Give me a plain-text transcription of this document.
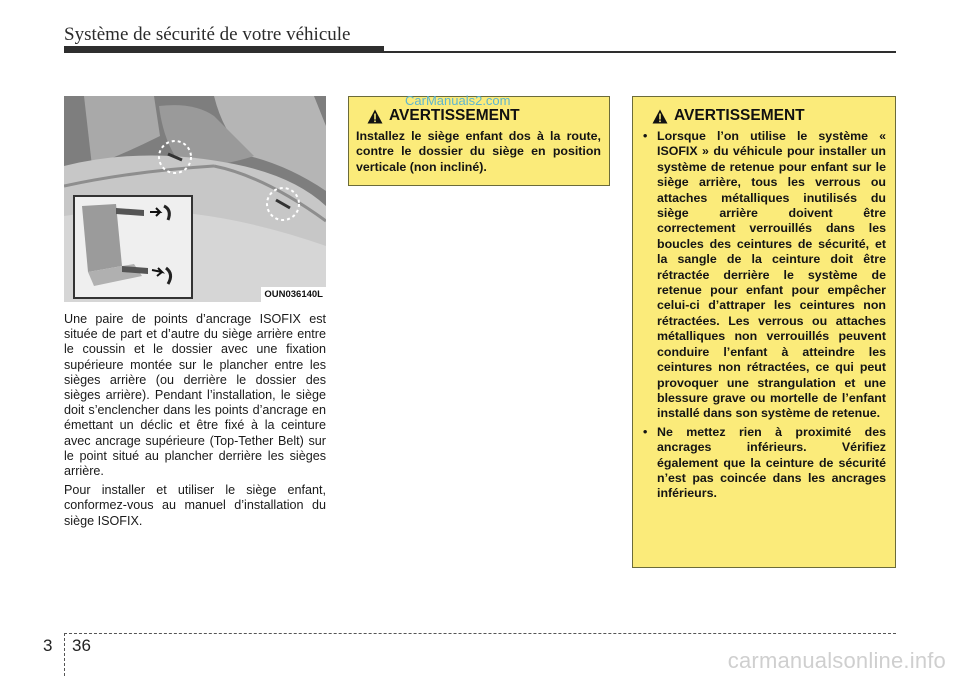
Système de sécurité de votre véhicule
OUN036140L

Une paire de points d’ancrage ISOFIX est située de part et d’autre du siège arrière entre le coussin et le dossier avec une fixation supérieure montée sur le plancher entre les sièges arrière (ou derrière le dossier des sièges arrière). Pendant l’installation, le siège doit s’enclencher dans les points d’ancrage en émettant un déclic et être fixé à la ceinture avec ancrage supérieure (Top-Tether Belt) sur le point situé au plancher derrière les sièges arrière.

Pour installer et utiliser le siège enfant, conformez-vous au manuel d’installation du siège ISOFIX.

AVERTISSEMENT
Installez le siège enfant dos à la route, contre le dossier du siège en position verticale (non incliné).
CarManuals2.com
AVERTISSEMENT
• Lorsque l’on utilise le système « ISOFIX » du véhicule pour installer un système de retenue pour enfant sur le siège arrière, tous les verrous ou attaches métalliques inutilisés du siège arrière doivent être correctement verrouillés dans les boucles des ceintures de sécurité, et la sangle de la ceinture doit être rétractée derrière le système de retenue pour enfant pour empêcher celui-ci d’attraper les ceintures non rétractées. Les verrous ou attaches métalliques non verrouillés peuvent conduire l’enfant à atteindre les ceintures non rétractées, ce qui peut provoquer une strangulation et une blessure grave ou mortelle de l’enfant installé dans son système de retenue.
• Ne mettez rien à proximité des ancrages inférieurs. Vérifiez également que la ceinture de sécurité n’est pas coincée dans les ancrages inférieurs.
3 36
carmanualsonline.info
